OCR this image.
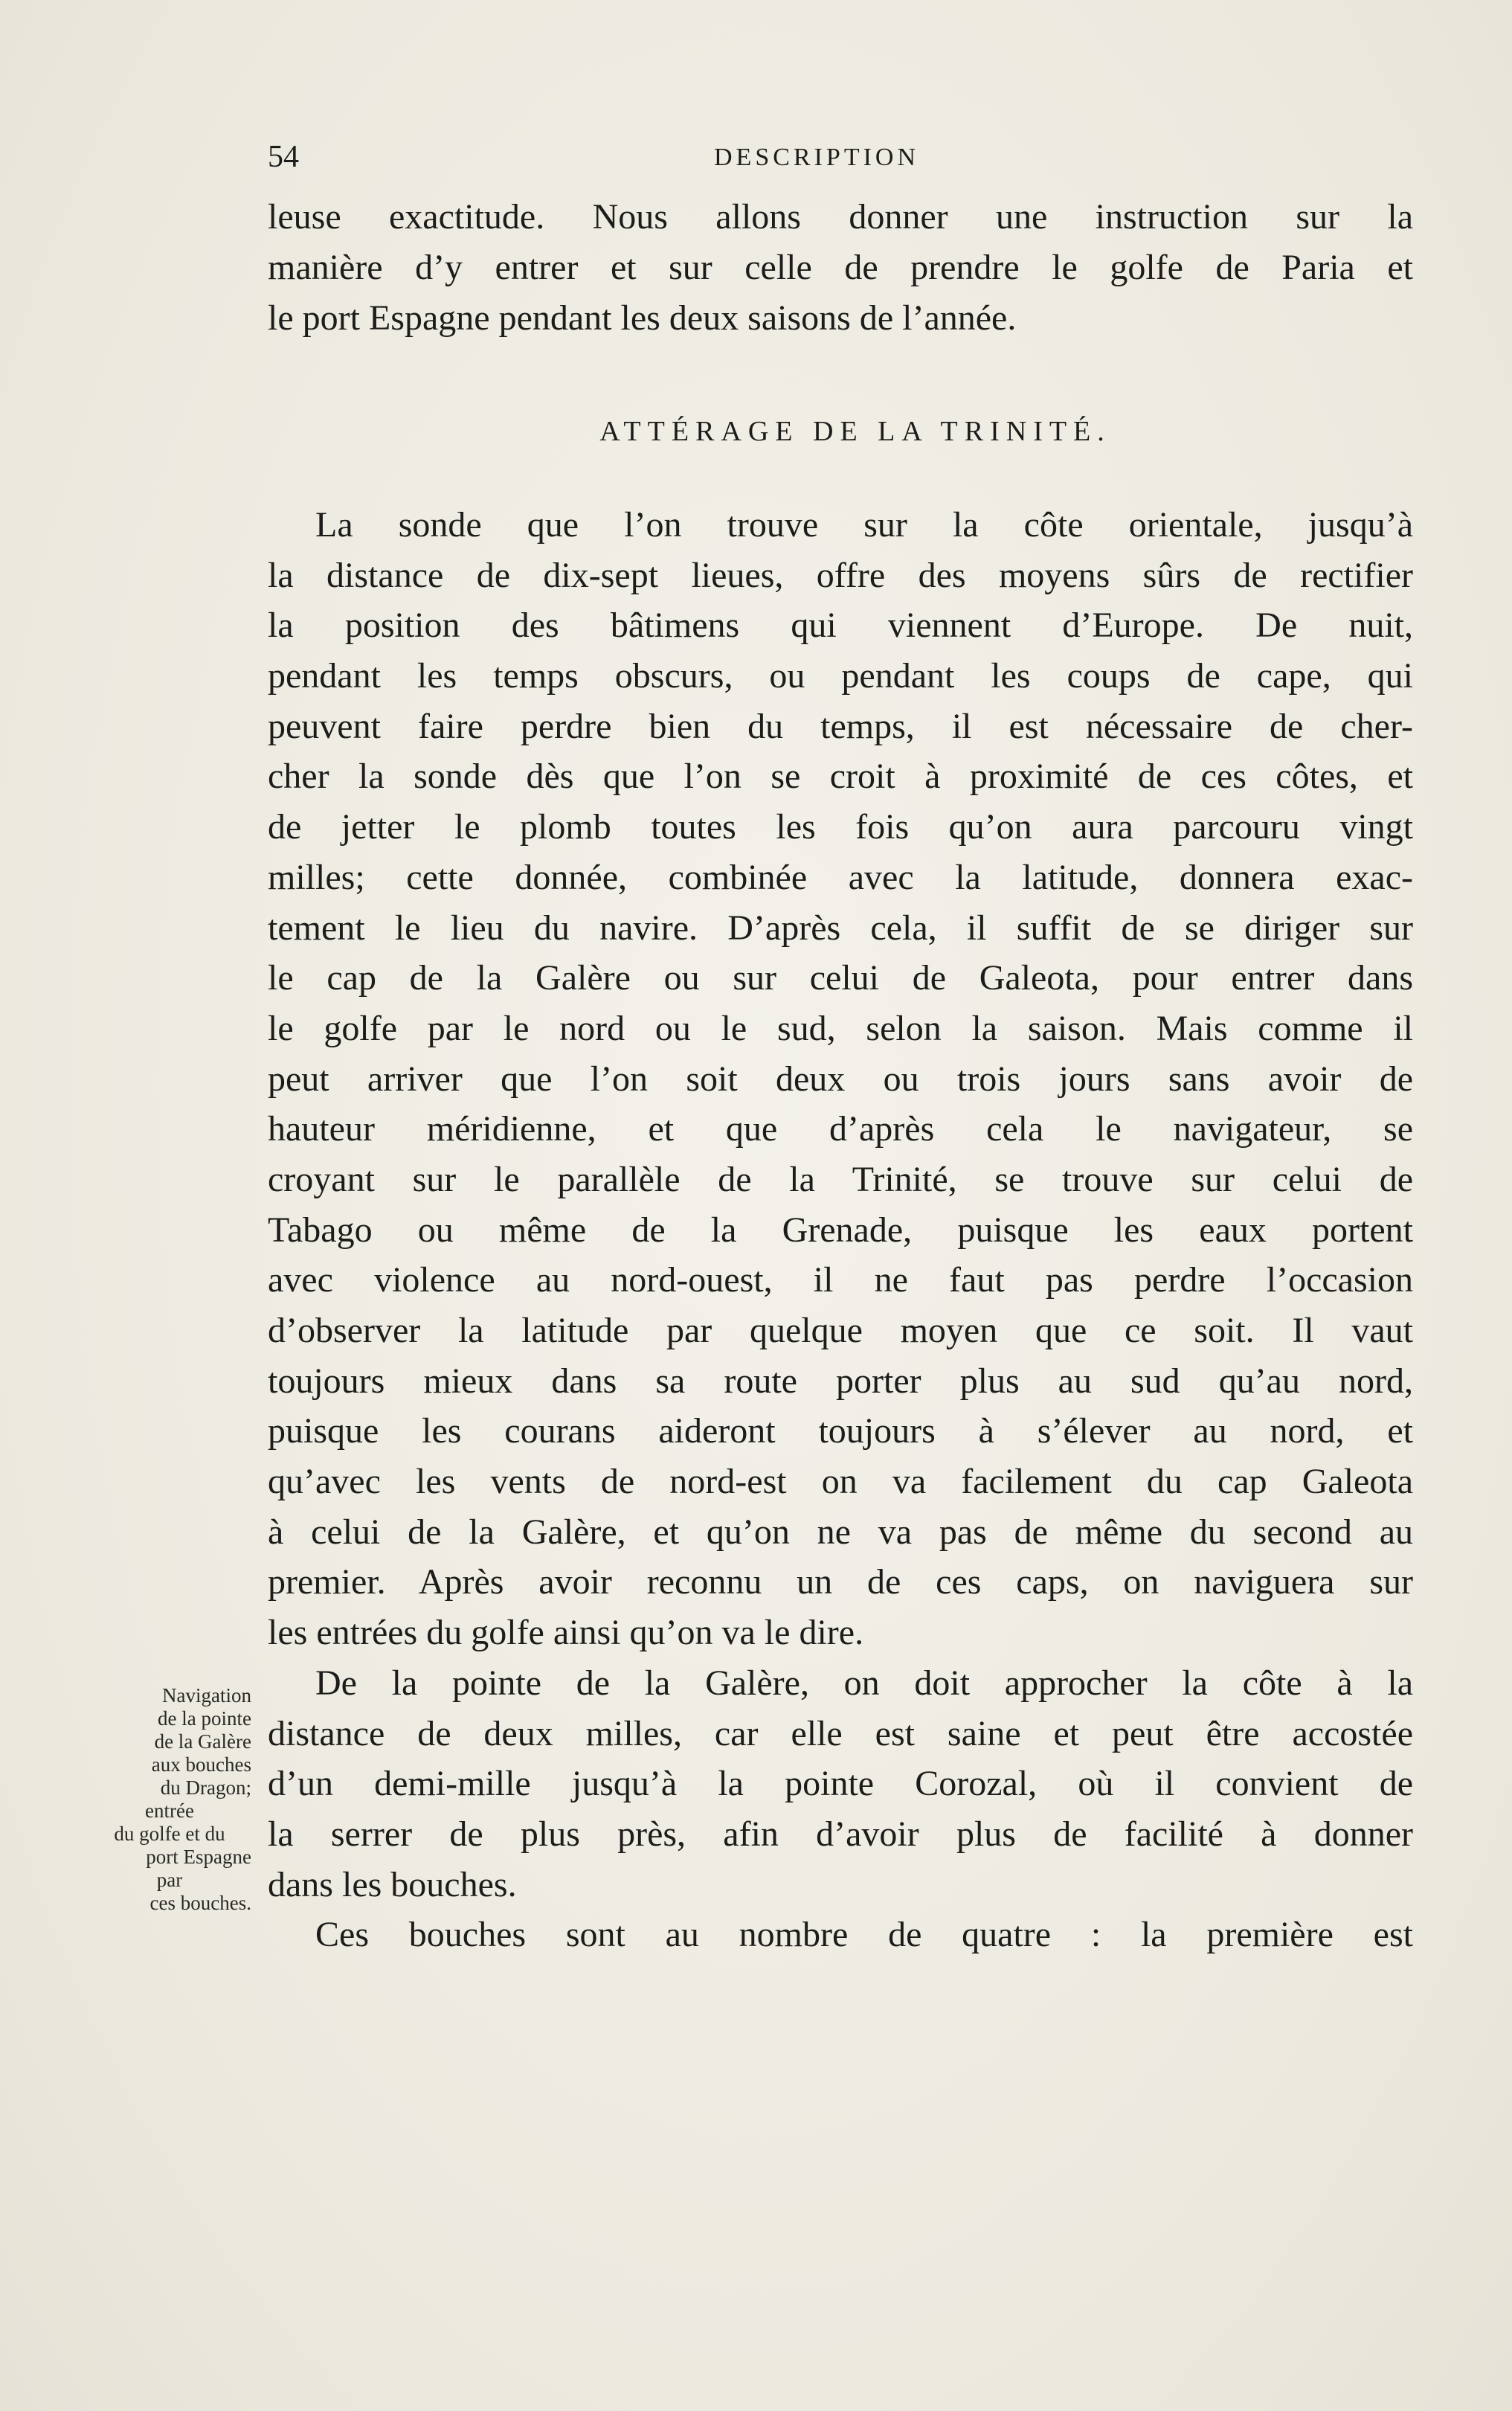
54	DESCRIPTION
leuse exactitude. Nous allons donner une instruction sur la
manière d’y entrer et sur celle de prendre le golfe de Paria et
le port Espagne pendant les deux saisons de l’année.
ATTÉRAGE DE LA TRINITÉ.
La sonde que l’on trouve sur la côte orientale, jusqu’à
la distance de dix-sept lieues, offre des moyens sûrs de rectifier
la position des bâtimens qui viennent d’Europe. De nuit,
pendant les temps obscurs, ou pendant les coups de cape, qui
peuvent faire perdre bien du temps, il est nécessaire de cher-
cher la sonde dès que l’on se croit à proximité de ces côtes, et
de jetter le plomb toutes les fois qu’on aura parcouru vingt
milles; cette donnée, combinée avec la latitude, donnera exac-
tement le lieu du navire. D’après cela, il suffit de se diriger sur
le cap de la Galère ou sur celui de Galeota, pour entrer dans
le golfe par le nord ou le sud, selon la saison. Mais comme il
peut arriver que l’on soit deux ou trois jours sans avoir de
hauteur méridienne, et que d’après cela le navigateur, se
croyant sur le parallèle de la Trinité, se trouve sur celui de
Tabago ou même de la Grenade, puisque les eaux portent
avec violence au nord-ouest, il ne faut pas perdre l’occasion
d’observer la latitude par quelque moyen que ce soit. Il vaut
toujours mieux dans sa route porter plus au sud qu’au nord,
puisque les courans aideront toujours à s’élever au nord, et
qu’avec les vents de nord-est on va facilement du cap Galeota
à celui de la Galère, et qu’on ne va pas de même du second au
premier. Après avoir reconnu un de ces caps, on naviguera sur
les entrées du golfe ainsi qu’on va le dire.
De la pointe de la Galère, on doit approcher la côte à la
distance de deux milles, car elle est saine et peut être accostée
d’un demi-mille jusqu’à la pointe Corozal, où il convient de
la serrer de plus près, afin d’avoir plus de facilité à donner
dans les bouches.
Ces bouches sont au nombre de quatre : la première est
Navigation
de la pointe
de la Galère
aux bouches
du Dragon;
entrée
du golfe et du
port Espagne
par
ces bouches.
